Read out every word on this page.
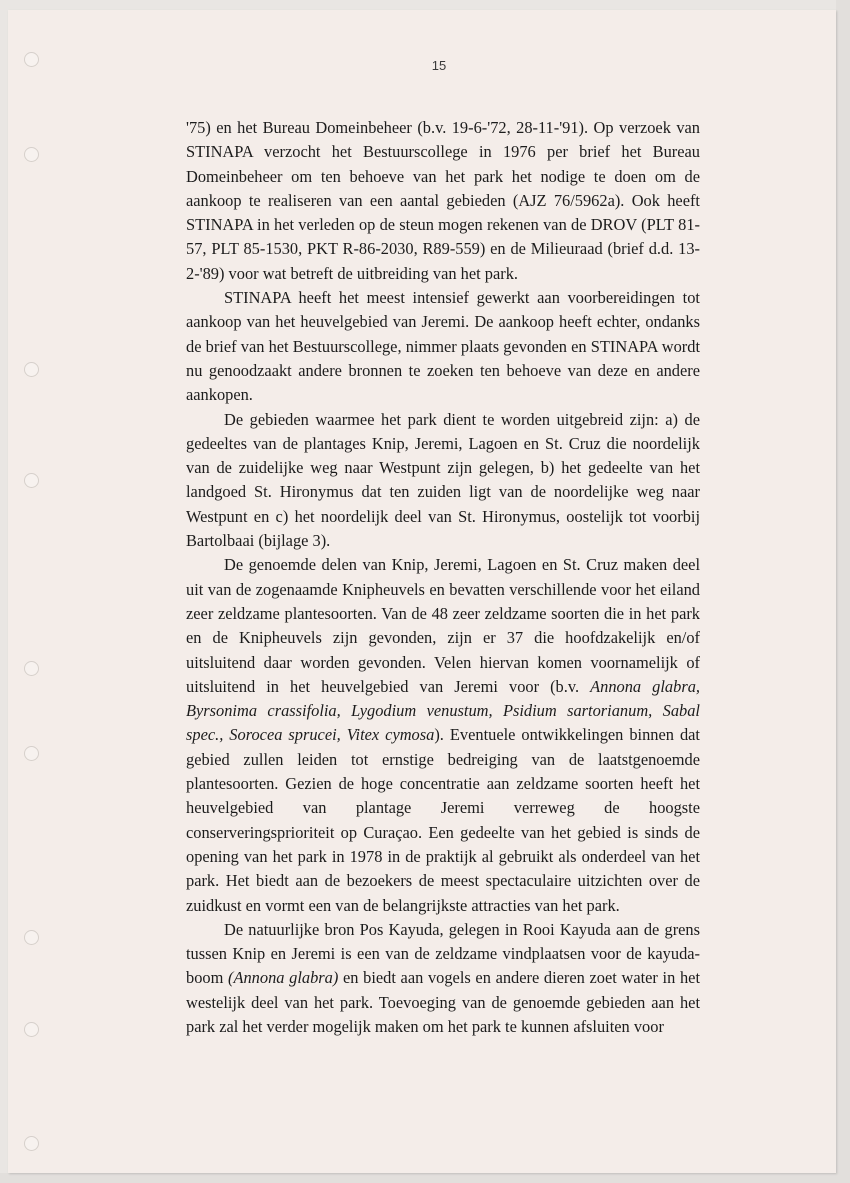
15

'75) en het Bureau Domeinbeheer (b.v. 19-6-'72, 28-11-'91). Op verzoek van STINAPA verzocht het Bestuurscollege in 1976 per brief het Bureau Domeinbeheer om ten behoeve van het park het nodige te doen om de aankoop te realiseren van een aantal gebieden (AJZ 76/5962a). Ook heeft STINAPA in het verleden op de steun mogen rekenen van de DROV (PLT 81-57, PLT 85-1530, PKT R-86-2030, R89-559) en de Milieuraad (brief d.d. 13-2-'89) voor wat betreft de uitbreiding van het park.

STINAPA heeft het meest intensief gewerkt aan voorbereidingen tot aankoop van het heuvelgebied van Jeremi. De aankoop heeft echter, ondanks de brief van het Bestuurscollege, nimmer plaats gevonden en STINAPA wordt nu genoodzaakt andere bronnen te zoeken ten behoeve van deze en andere aankopen.

De gebieden waarmee het park dient te worden uitgebreid zijn: a) de gedeeltes van de plantages Knip, Jeremi, Lagoen en St. Cruz die noordelijk van de zuidelijke weg naar Westpunt zijn gelegen, b) het gedeelte van het landgoed St. Hironymus dat ten zuiden ligt van de noordelijke weg naar Westpunt en c) het noordelijk deel van St. Hironymus, oostelijk tot voorbij Bartolbaai (bijlage 3).

De genoemde delen van Knip, Jeremi, Lagoen en St. Cruz maken deel uit van de zogenaamde Knipheuvels en bevatten verschillende voor het eiland zeer zeldzame plantesoorten. Van de 48 zeer zeldzame soorten die in het park en de Knipheuvels zijn gevonden, zijn er 37 die hoofdzakelijk en/of uitsluitend daar worden gevonden. Velen hiervan komen voornamelijk of uitsluitend in het heuvelgebied van Jeremi voor (b.v. Annona glabra, Byrsonima crassifolia, Lygodium venustum, Psidium sartorianum, Sabal spec., Sorocea sprucei, Vitex cymosa). Eventuele ontwikkelingen binnen dat gebied zullen leiden tot ernstige bedreiging van de laatstgenoemde plantesoorten. Gezien de hoge concentratie aan zeldzame soorten heeft het heuvelgebied van plantage Jeremi verreweg de hoogste conserveringsprioriteit op Curaçao. Een gedeelte van het gebied is sinds de opening van het park in 1978 in de praktijk al gebruikt als onderdeel van het park. Het biedt aan de bezoekers de meest spectaculaire uitzichten over de zuidkust en vormt een van de belangrijkste attracties van het park.

De natuurlijke bron Pos Kayuda, gelegen in Rooi Kayuda aan de grens tussen Knip en Jeremi is een van de zeldzame vindplaatsen voor de kayuda-boom (Annona glabra) en biedt aan vogels en andere dieren zoet water in het westelijk deel van het park. Toevoeging van de genoemde gebieden aan het park zal het verder mogelijk maken om het park te kunnen afsluiten voor
